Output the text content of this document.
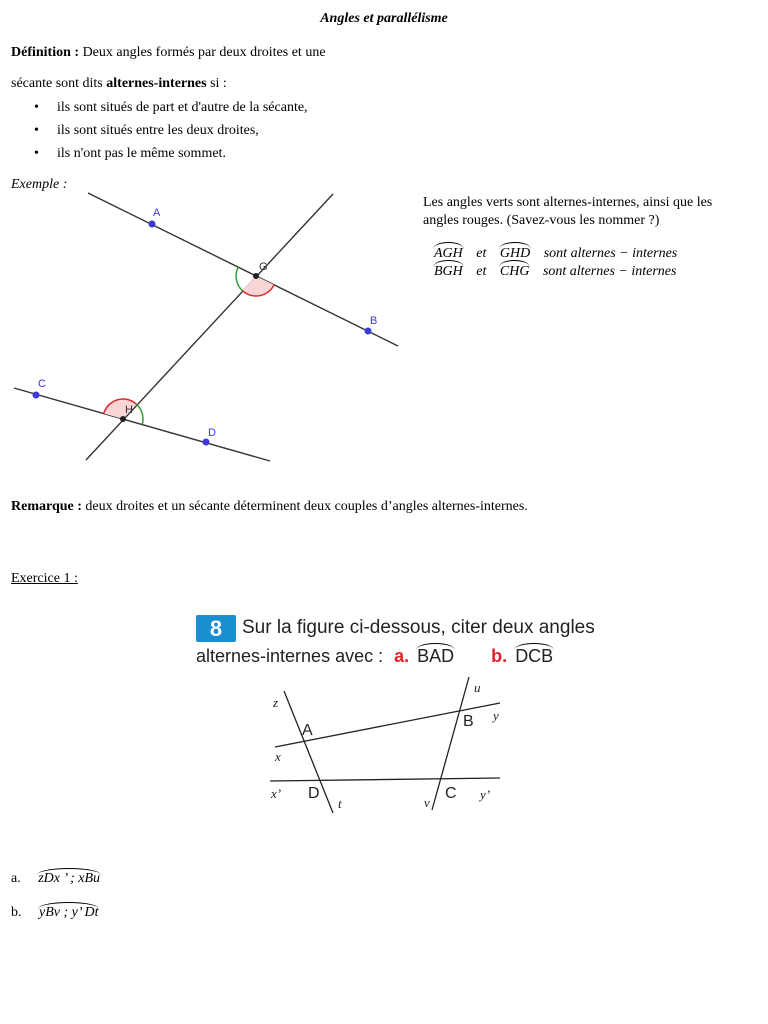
Angles et parallélisme
Définition : Deux angles formés par deux droites et une
sécante sont dits alternes-internes si :
• ils sont situés de part et d'autre de la sécante,
• ils sont situés entre les deux droites,
• ils n'ont pas le même sommet.
Exemple :
A
B
G
C
D
H
Les angles verts sont alternes-internes, ainsi que les
angles rouges. (Savez-vous les nommer ?)
AGH et GHD sont alternes − internes
BGH et CHG sont alternes − internes
Remarque : deux droites et un sécante déterminent deux couples d’angles alternes-internes.
Exercice 1 :
8	Sur la figure ci-dessous, citer deux angles
alternes-internes avec : a. BAD b. DCB
z
A
x
x’ D
t
u
B y
C y’
v
a. zDx ’ ; xBu
b. yBv ; y’ Dt
